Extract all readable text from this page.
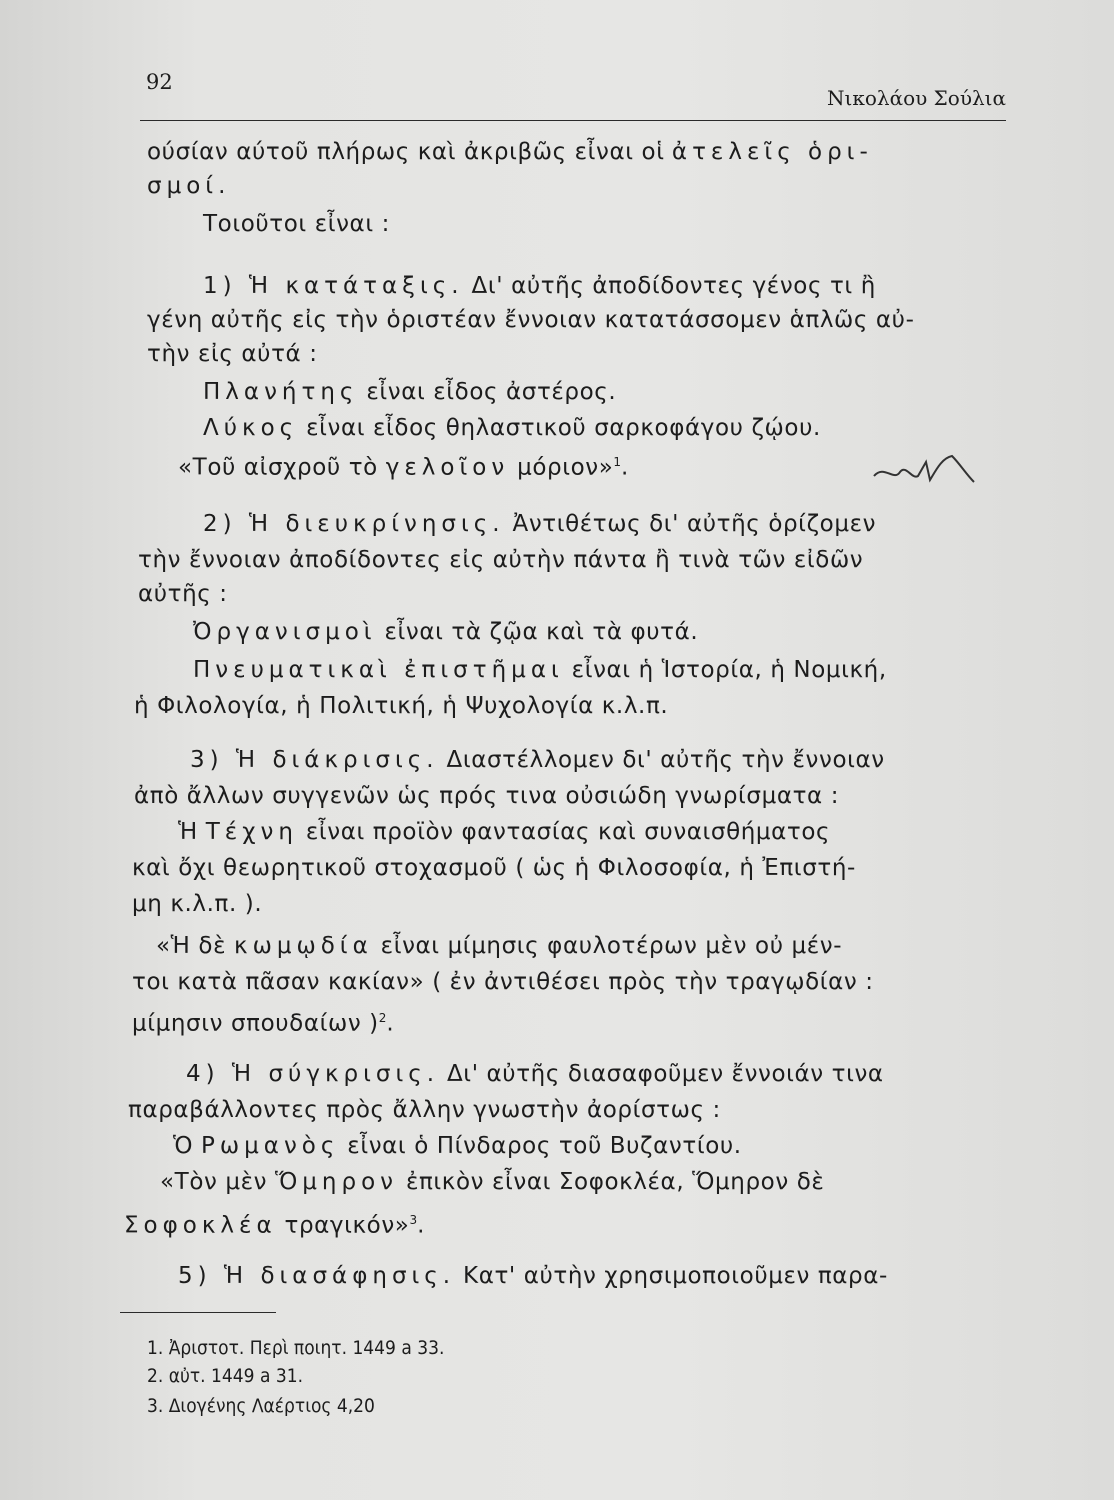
92
Νικολάου Σούλια

ούσίαν αύτοῦ πλήρως καὶ ἀκριβῶς εἶναι οἱ ἀτελεῖς ὁρι-

σμοί.

Τοιοῦτοι εἶναι :

1) Ἡ κατάταξις. Δι' αὐτῆς ἀποδίδοντες γένος τι ἢ

γένη αὐτῆς εἰς τὴν ὁριστέαν ἔννοιαν κατατάσσομεν ἁπλῶς αὐ-

τὴν εἰς αὐτά :

Πλανήτης εἶναι εἶδος ἀστέρος.

Λύκος εἶναι εἶδος θηλαστικοῦ σαρκοφάγου ζῴου.

«Τοῦ αἰσχροῦ τὸ γελοῖον μόριον»$^1$.

2) Ἡ διευκρίνησις. Ἀντιθέτως δι' αὐτῆς ὁρίζομεν

τὴν ἔννοιαν ἀποδίδοντες εἰς αὐτὴν πάντα ἢ τινὰ τῶν εἰδῶν

αὐτῆς :

Ὀργανισμοὶ εἶναι τὰ ζῷα καὶ τὰ φυτά.

Πνευματικαὶ ἐπιστῆμαι εἶναι ἡ Ἱστορία, ἡ Νομική,

ἡ Φιλολογία, ἡ Πολιτική, ἡ Ψυχολογία κ.λ.π.

3) Ἡ διάκρισις. Διαστέλλομεν δι' αὐτῆς τὴν ἔννοιαν

ἀπὸ ἄλλων συγγενῶν ὡς πρός τινα οὐσιώδη γνωρίσματα :

Ἡ Τέχνη εἶναι προϊὸν φαντασίας καὶ συναισθήματος

καὶ ὄχι θεωρητικοῦ στοχασμοῦ ( ὡς ἡ Φιλοσοφία, ἡ Ἐπιστή-

μη κ.λ.π. ).

«Ἡ δὲ κωμῳδία εἶναι μίμησις φαυλοτέρων μὲν οὐ μέν-

τοι κατὰ πᾶσαν κακίαν» ( ἐν ἀντιθέσει πρὸς τὴν τραγῳδίαν :

μίμησιν σπουδαίων )$^2$.

4) Ἡ σύγκρισις. Δι' αὐτῆς διασαφοῦμεν ἔννοιάν τινα

παραβάλλοντες πρὸς ἄλλην γνωστὴν ἀορίστως :

Ὁ Ρωμανὸς εἶναι ὁ Πίνδαρος τοῦ Βυζαντίου.

«Τὸν μὲν Ὅμηρον ἐπικὸν εἶναι Σοφοκλέα, Ὅμηρον δὲ

Σοφοκλέα τραγικόν»$^3$.

5) Ἡ διασάφησις. Κατ' αὐτὴν χρησιμοποιοῦμεν παρα-

1. Ἀριστοτ. Περὶ ποιητ. 1449 a 33.
2. αὐτ. 1449 a 31.
3. Διογένης Λαέρτιος 4,20
